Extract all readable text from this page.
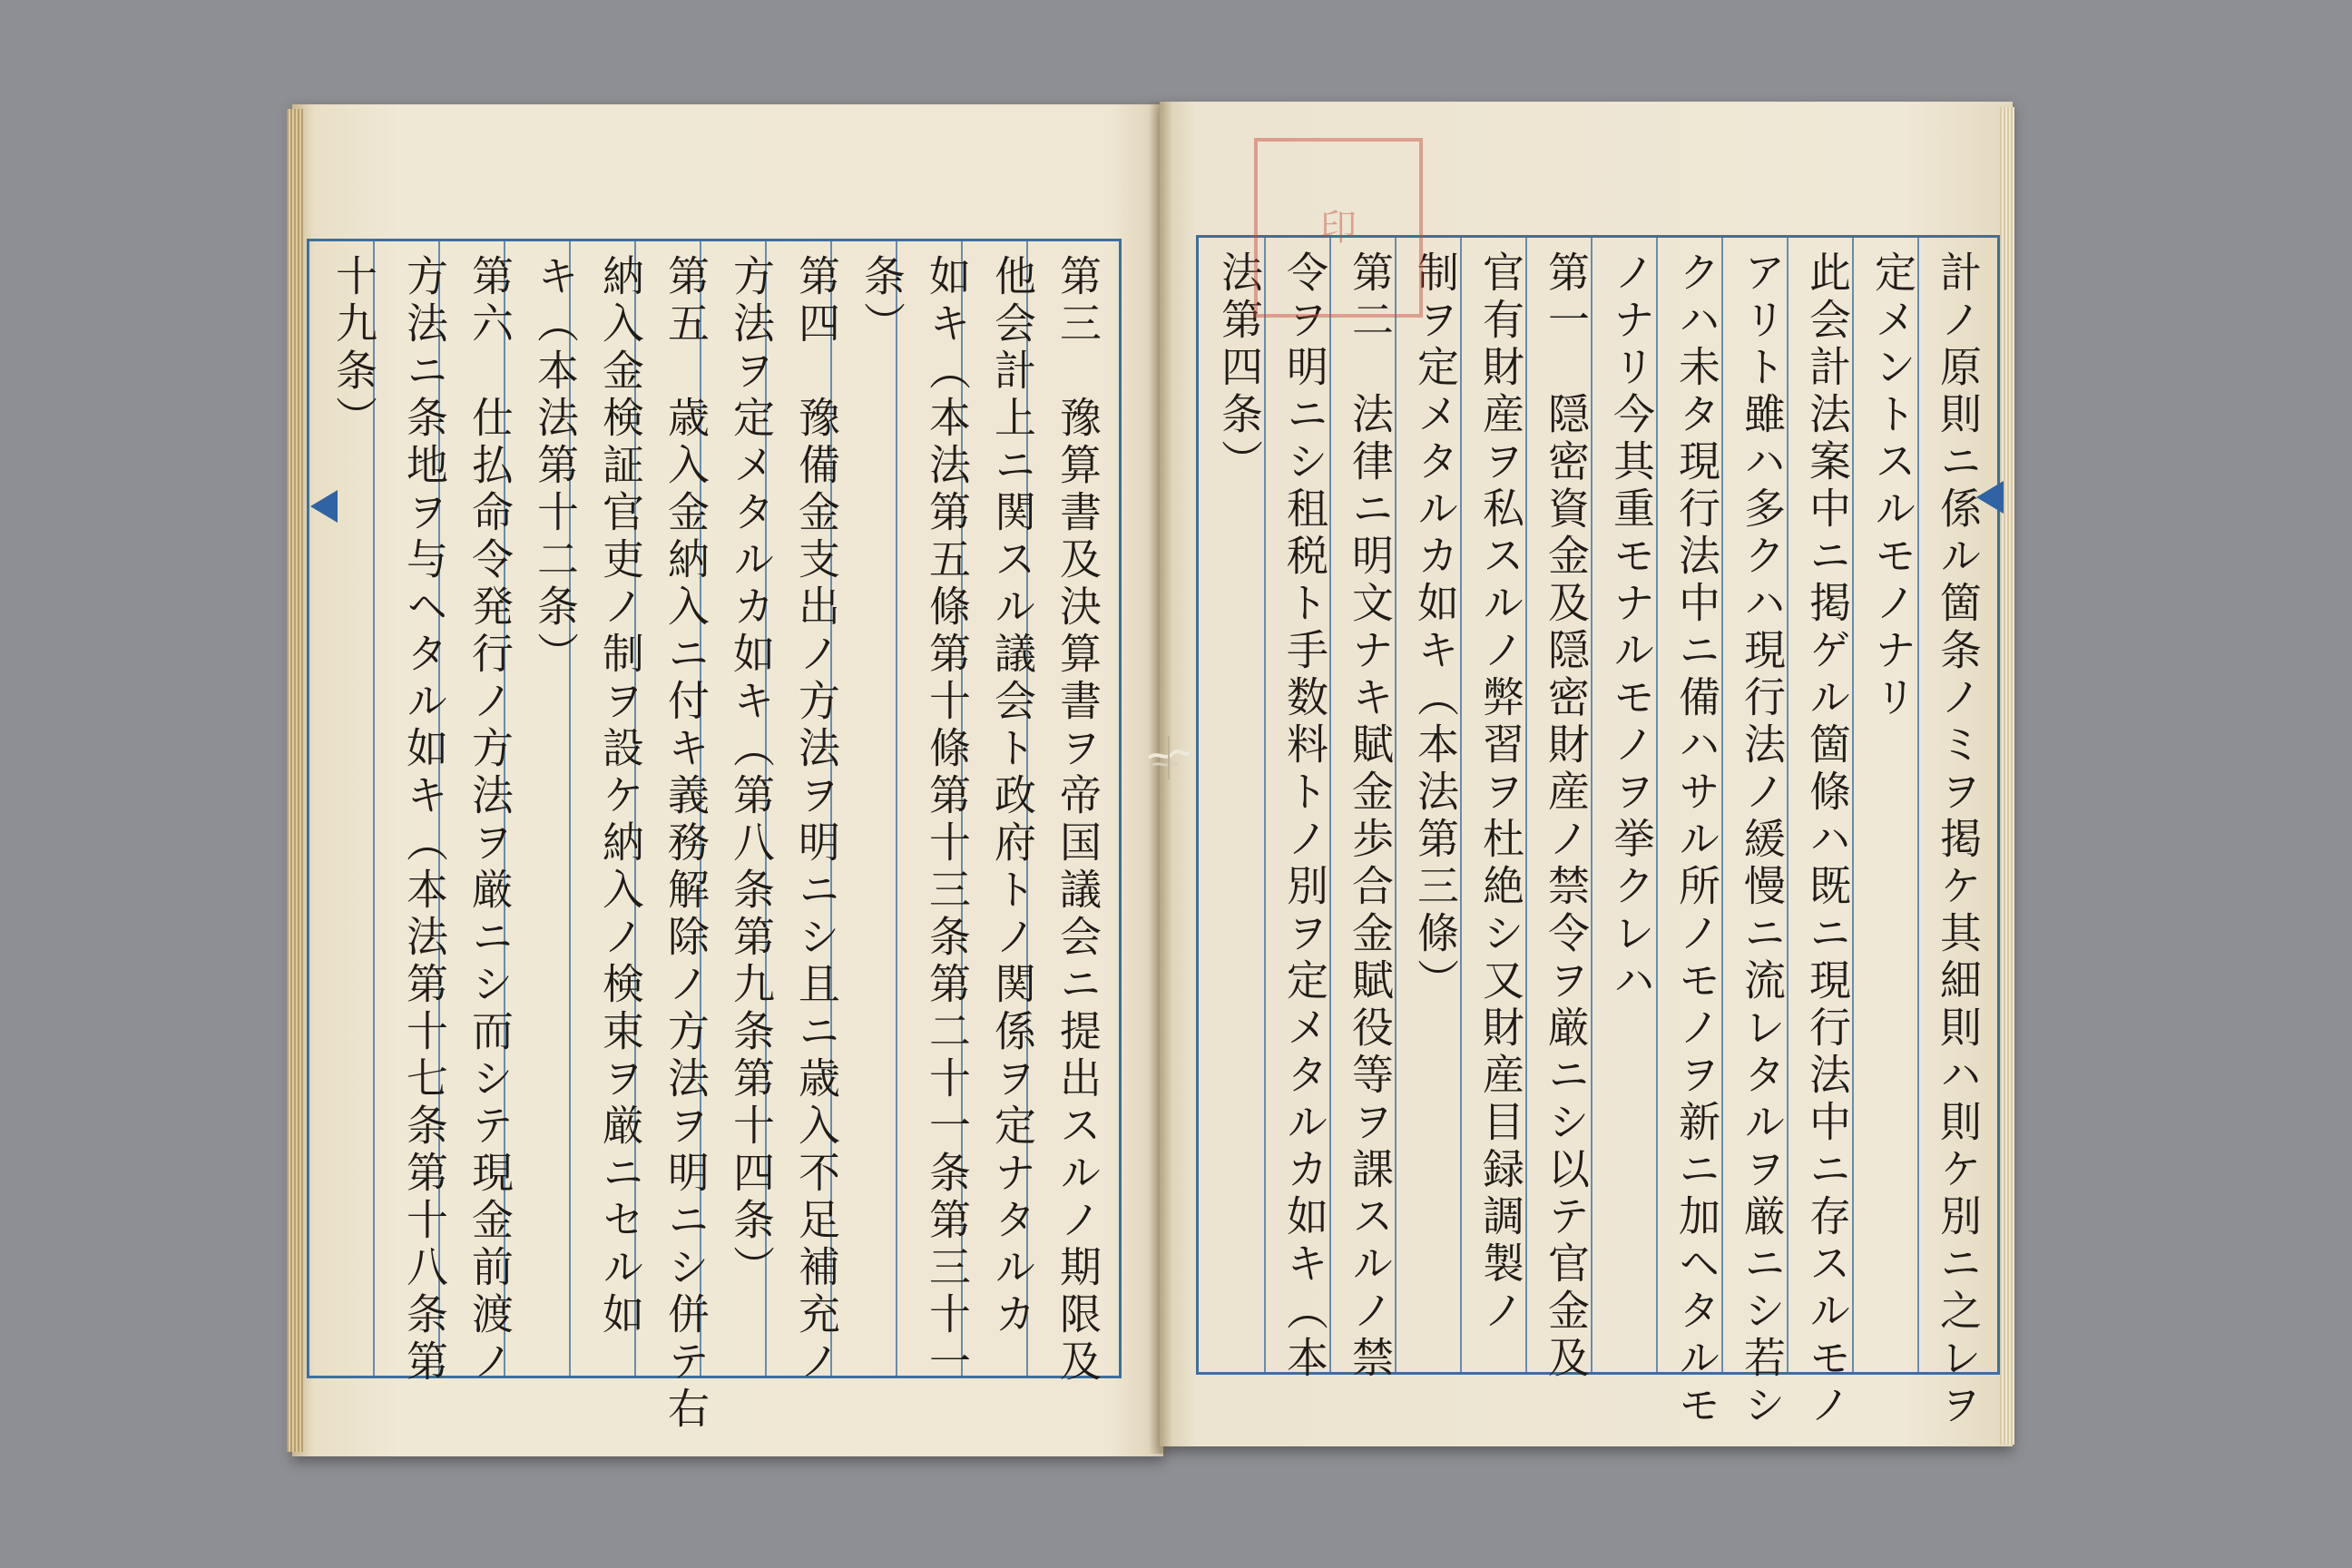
第三　豫算書及決算書ヲ帝国議会ニ提出スルノ期限及
他会計上ニ関スル議会ト政府トノ関係ヲ定ナタルカ
如キ（本法第五條第十條第十三条第二十一条第三十一
条）
第四　豫備金支出ノ方法ヲ明ニシ且ニ歳入不足補充ノ
方法ヲ定メタルカ如キ（第八条第九条第十四条）
第五　歳入金納入ニ付キ義務解除ノ方法ヲ明ニシ併テ右
納入金検証官吏ノ制ヲ設ケ納入ノ検束ヲ厳ニセル如
キ（本法第十二条）
第六　仕払命令発行ノ方法ヲ厳ニシ而シテ現金前渡ノ
方法ニ条地ヲ与ヘタル如キ（本法第十七条第十八条第
十九条）	計ノ原則ニ係ル箇条ノミヲ掲ケ其細則ハ則ケ別ニ之レヲ
定メントスルモノナリ
此会計法案中ニ掲ゲル箇條ハ既ニ現行法中ニ存スルモノ
アリト雖ハ多クハ現行法ノ緩慢ニ流レタルヲ厳ニシ若シ
クハ未タ現行法中ニ備ハサル所ノモノヲ新ニ加ヘタルモ
ノナリ今其重モナルモノヲ挙クレハ
第一　隠密資金及隠密財産ノ禁令ヲ厳ニシ以テ官金及
官有財産ヲ私スルノ弊習ヲ杜絶シ又財産目録調製ノ
制ヲ定メタルカ如キ（本法第三條）
第二　法律ニ明文ナキ賦金歩合金賦役等ヲ課スルノ禁
令ヲ明ニシ租税ト手数料トノ別ヲ定メタルカ如キ（本
法第四条）
印
